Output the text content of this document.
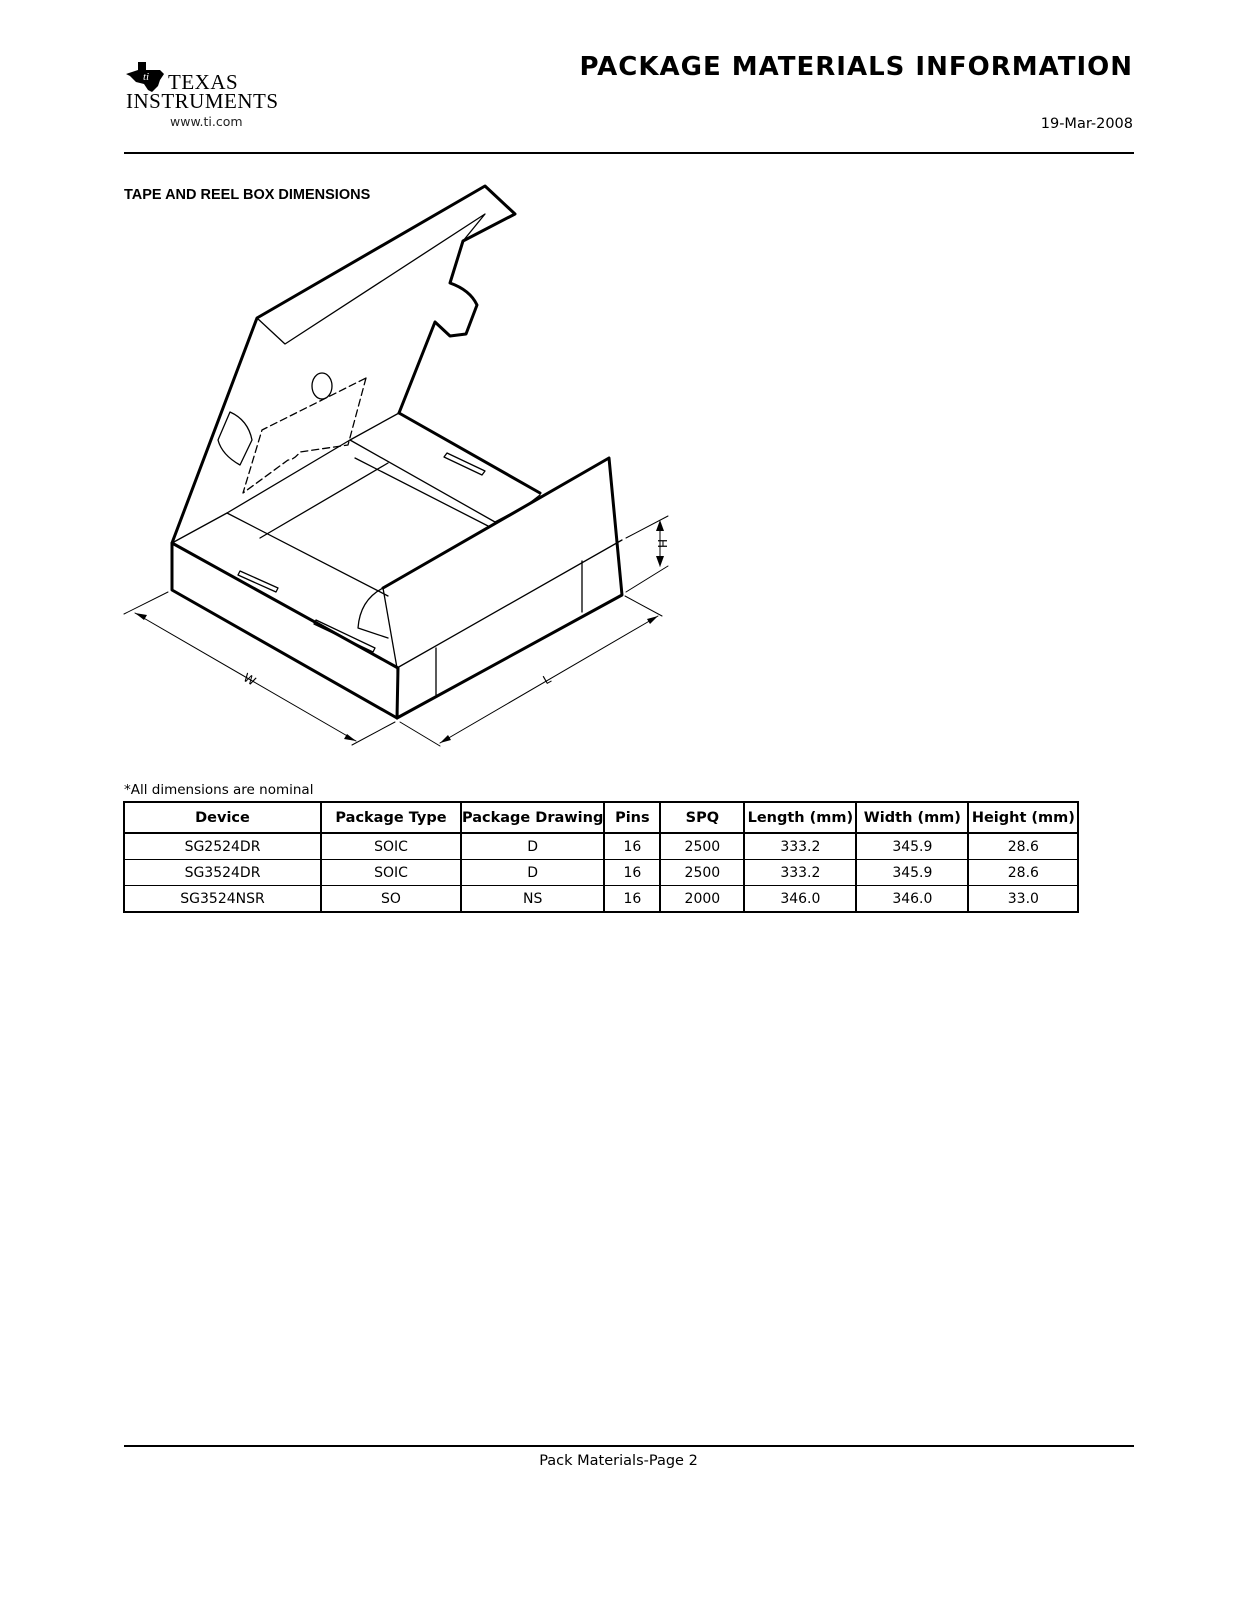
ti TEXAS
INSTRUMENTS
www.ti.com
PACKAGE MATERIALS INFORMATION
19-Mar-2008
TAPE AND REEL BOX DIMENSIONS
W	L
H
*All dimensions are nominal
Device	Package Type	Package Drawing	Pins	SPQ	Length (mm)	Width (mm)	Height (mm)
SG2524DR	SOIC	D	16	2500	333.2	345.9	28.6
SG3524DR	SOIC	D	16	2500	333.2	345.9	28.6
SG3524NSR	SO	NS	16	2000	346.0	346.0	33.0
Pack Materials-Page 2
